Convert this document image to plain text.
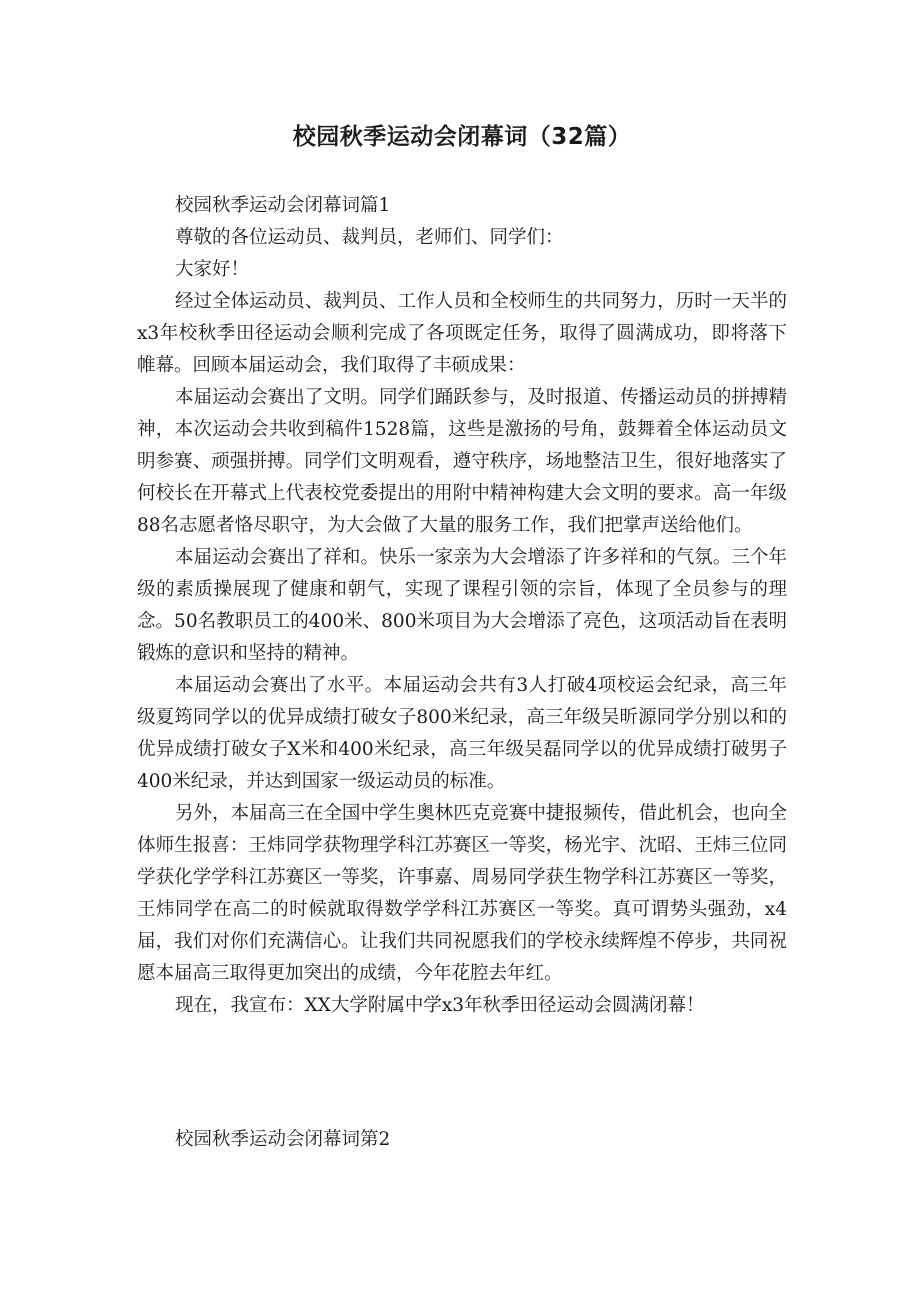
校园秋季运动会闭幕词（32篇）

校园秋季运动会闭幕词篇1

尊敬的各位运动员、裁判员，老师们、同学们：

大家好！

经过全体运动员、裁判员、工作人员和全校师生的共同努力，历时一天半的x3年校秋季田径运动会顺利完成了各项既定任务，取得了圆满成功，即将落下帷幕。回顾本届运动会，我们取得了丰硕成果：

本届运动会赛出了文明。同学们踊跃参与，及时报道、传播运动员的拼搏精神，本次运动会共收到稿件1528篇，这些是激扬的号角，鼓舞着全体运动员文明参赛、顽强拼搏。同学们文明观看，遵守秩序，场地整洁卫生，很好地落实了何校长在开幕式上代表校党委提出的用附中精神构建大会文明的要求。高一年级88名志愿者恪尽职守，为大会做了大量的服务工作，我们把掌声送给他们。

本届运动会赛出了祥和。快乐一家亲为大会增添了许多祥和的气氛。三个年级的素质操展现了健康和朝气，实现了课程引领的宗旨，体现了全员参与的理念。50名教职员工的400米、800米项目为大会增添了亮色，这项活动旨在表明锻炼的意识和坚持的精神。

本届运动会赛出了水平。本届运动会共有3人打破4项校运会纪录，高三年级夏筠同学以的优异成绩打破女子800米纪录，高三年级吴昕源同学分别以和的优异成绩打破女子X米和400米纪录，高三年级吴磊同学以的优异成绩打破男子400米纪录，并达到国家一级运动员的标准。

另外，本届高三在全国中学生奥林匹克竞赛中捷报频传，借此机会，也向全体师生报喜：王炜同学获物理学科江苏赛区一等奖，杨光宇、沈昭、王炜三位同学获化学学科江苏赛区一等奖，许事嘉、周易同学获生物学科江苏赛区一等奖，王炜同学在高二的时候就取得数学学科江苏赛区一等奖。真可谓势头强劲，x4届，我们对你们充满信心。让我们共同祝愿我们的学校永续辉煌不停步，共同祝愿本届高三取得更加突出的成绩，今年花腔去年红。

现在，我宣布：XX大学附属中学x3年秋季田径运动会圆满闭幕！

校园秋季运动会闭幕词第2
